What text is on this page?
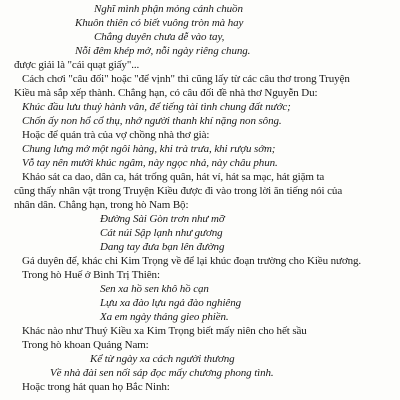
Nghĩ mình phận mỏng cánh chuồn
Khuôn thiên có biết vuông tròn mà hay
Chẳng duyên chưa dễ vào tay,
Nỗi đêm khép mở, nỗi ngày riêng chung.
được giải là "cái quạt giấy"...
Cách chơi "câu đối" hoặc "để vịnh" thì cũng lấy từ các câu thơ trong Truyện
Kiều mà sắp xếp thành. Chẳng hạn, có câu đối đề nhà thơ Nguyễn Du:
Khúc đầu lưu thuỷ hành vân, để tiếng tài tình chung đất nước;
Chốn ấy non hổ cổ thụ, nhớ người thanh khí nặng non sông.
Hoặc để quán trà của vợ chồng nhà thơ già:
Chung lưng mở một ngôi hàng, khi trà trưa, khi rượu sớm;
Vỗ tay nên mười khúc ngâm, này ngọc nhả, này châu phun.
Khảo sát ca dao, dân ca, hát trống quân, hát ví, hát sa mạc, hát giặm ta
cũng thấy nhân vật trong Truyện Kiều được đi vào trong lời ăn tiếng nói của
nhân dân. Chẳng hạn, trong hò Nam Bộ:
Đường Sài Gòn trơn như mỡ
Cát núi Sập lạnh như gương
Dang tay đưa bạn lên đường
Gá duyên để, khác chi Kim Trọng về để lại khúc đoạn trường cho Kiều nương.
Trong hò Huế ở Bình Trị Thiên:
Sen xa hồ sen khô hồ cạn
Lựu xa đào lựu ngả đào nghiêng
Xa em ngày tháng gieo phiền.
Khác nào như Thuý Kiều xa Kim Trọng biết mấy niên cho hết sầu
Trong hò khoan Quảng Nam:
Kể từ ngày xa cách người thương
Về nhà đài sen nối sáp đọc mấy chương phong tình.
Hoặc trong hát quan họ Bắc Ninh:
